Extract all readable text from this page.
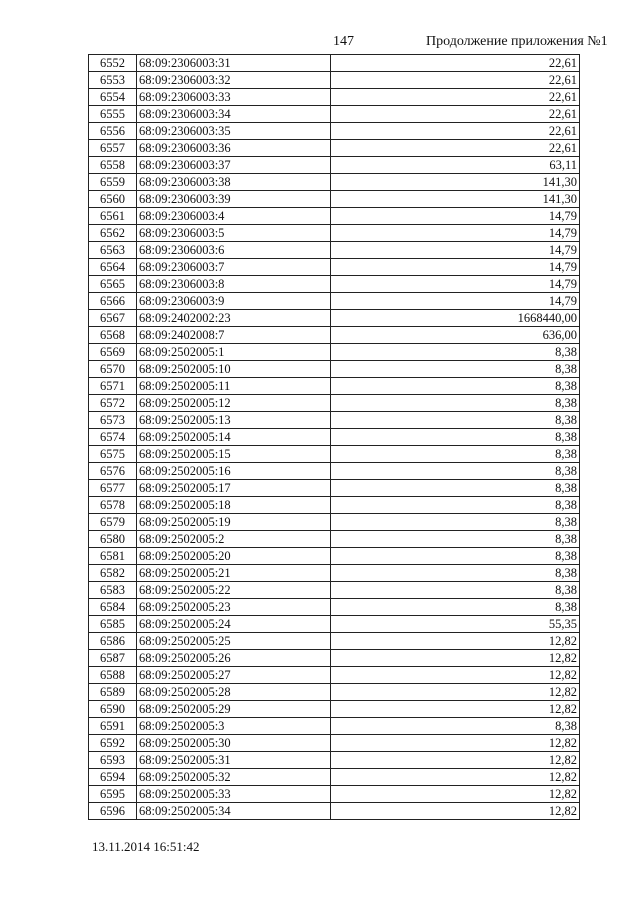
147	Продолжение приложения №1
6552	68:09:2306003:31	22,61
6553	68:09:2306003:32	22,61
6554	68:09:2306003:33	22,61
6555	68:09:2306003:34	22,61
6556	68:09:2306003:35	22,61
6557	68:09:2306003:36	22,61
6558	68:09:2306003:37	63,11
6559	68:09:2306003:38	141,30
6560	68:09:2306003:39	141,30
6561	68:09:2306003:4	14,79
6562	68:09:2306003:5	14,79
6563	68:09:2306003:6	14,79
6564	68:09:2306003:7	14,79
6565	68:09:2306003:8	14,79
6566	68:09:2306003:9	14,79
6567	68:09:2402002:23	1668440,00
6568	68:09:2402008:7	636,00
6569	68:09:2502005:1	8,38
6570	68:09:2502005:10	8,38
6571	68:09:2502005:11	8,38
6572	68:09:2502005:12	8,38
6573	68:09:2502005:13	8,38
6574	68:09:2502005:14	8,38
6575	68:09:2502005:15	8,38
6576	68:09:2502005:16	8,38
6577	68:09:2502005:17	8,38
6578	68:09:2502005:18	8,38
6579	68:09:2502005:19	8,38
6580	68:09:2502005:2	8,38
6581	68:09:2502005:20	8,38
6582	68:09:2502005:21	8,38
6583	68:09:2502005:22	8,38
6584	68:09:2502005:23	8,38
6585	68:09:2502005:24	55,35
6586	68:09:2502005:25	12,82
6587	68:09:2502005:26	12,82
6588	68:09:2502005:27	12,82
6589	68:09:2502005:28	12,82
6590	68:09:2502005:29	12,82
6591	68:09:2502005:3	8,38
6592	68:09:2502005:30	12,82
6593	68:09:2502005:31	12,82
6594	68:09:2502005:32	12,82
6595	68:09:2502005:33	12,82
6596	68:09:2502005:34	12,82
13.11.2014 16:51:42
